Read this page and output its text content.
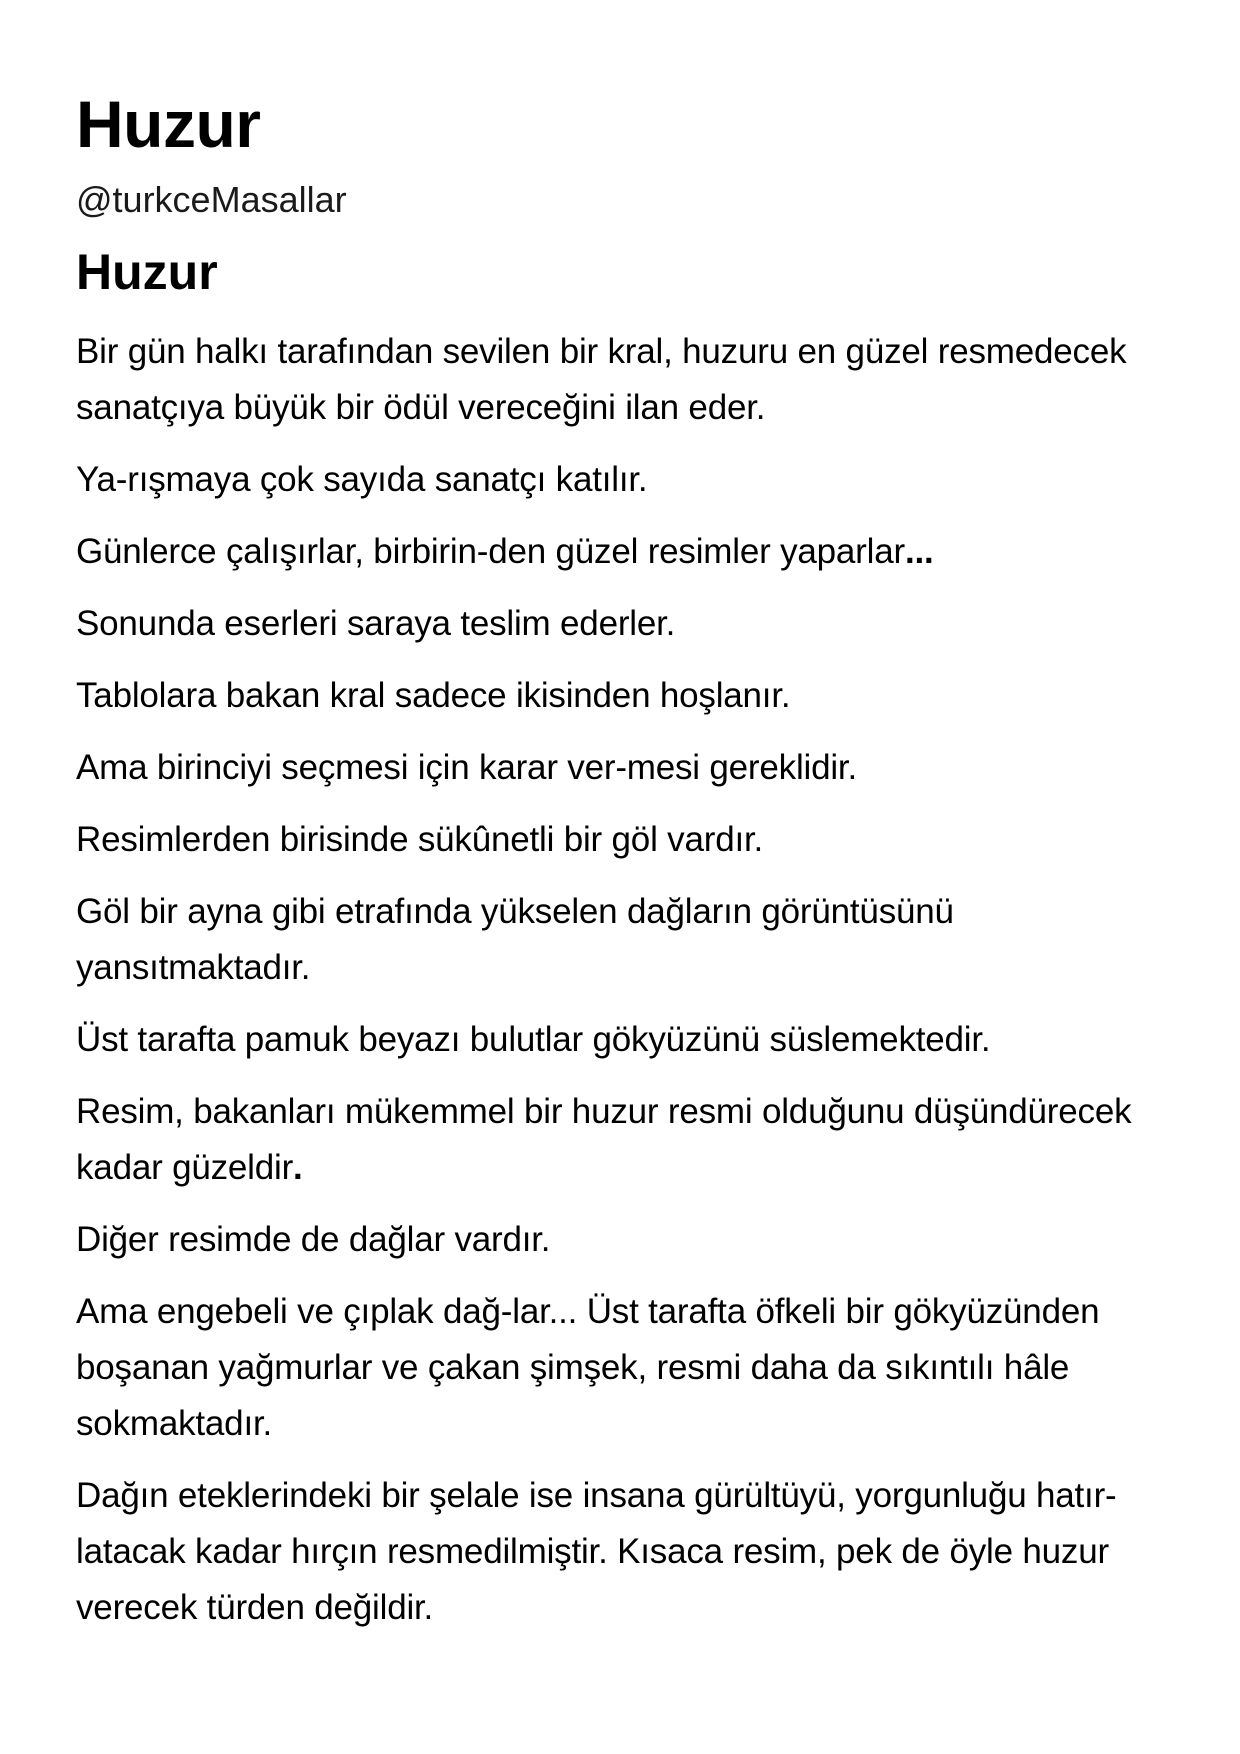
Huzur
@turkceMasallar
Huzur

Bir gün halkı tarafından sevilen bir kral, huzuru en güzel resmedecek sanatçıya büyük bir ödül vereceğini ilan eder.

Ya-rışmaya çok sayıda sanatçı katılır.

Günlerce çalışırlar, birbirin-den güzel resimler yaparlar...

Sonunda eserleri saraya teslim ederler.

Tablolara bakan kral sadece ikisinden hoşlanır.

Ama birinciyi seçmesi için karar ver-mesi gereklidir.

Resimlerden birisinde sükûnetli bir göl vardır.

Göl bir ayna gibi etrafında yükselen dağların görüntüsünü yansıtmaktadır.

Üst tarafta pamuk beyazı bulutlar gökyüzünü süslemektedir.

Resim, bakanları mükemmel bir huzur resmi olduğunu düşündürecek kadar güzeldir.

Diğer resimde de dağlar vardır.

Ama engebeli ve çıplak dağ-lar... Üst tarafta öfkeli bir gökyüzünden boşanan yağmurlar ve çakan şimşek, resmi daha da sıkıntılı hâle sokmaktadır.

Dağın eteklerindeki bir şelale ise insana gürültüyü, yorgunluğu hatır-latacak kadar hırçın resmedilmiştir. Kısaca resim, pek de öyle huzur verecek türden değildir.
